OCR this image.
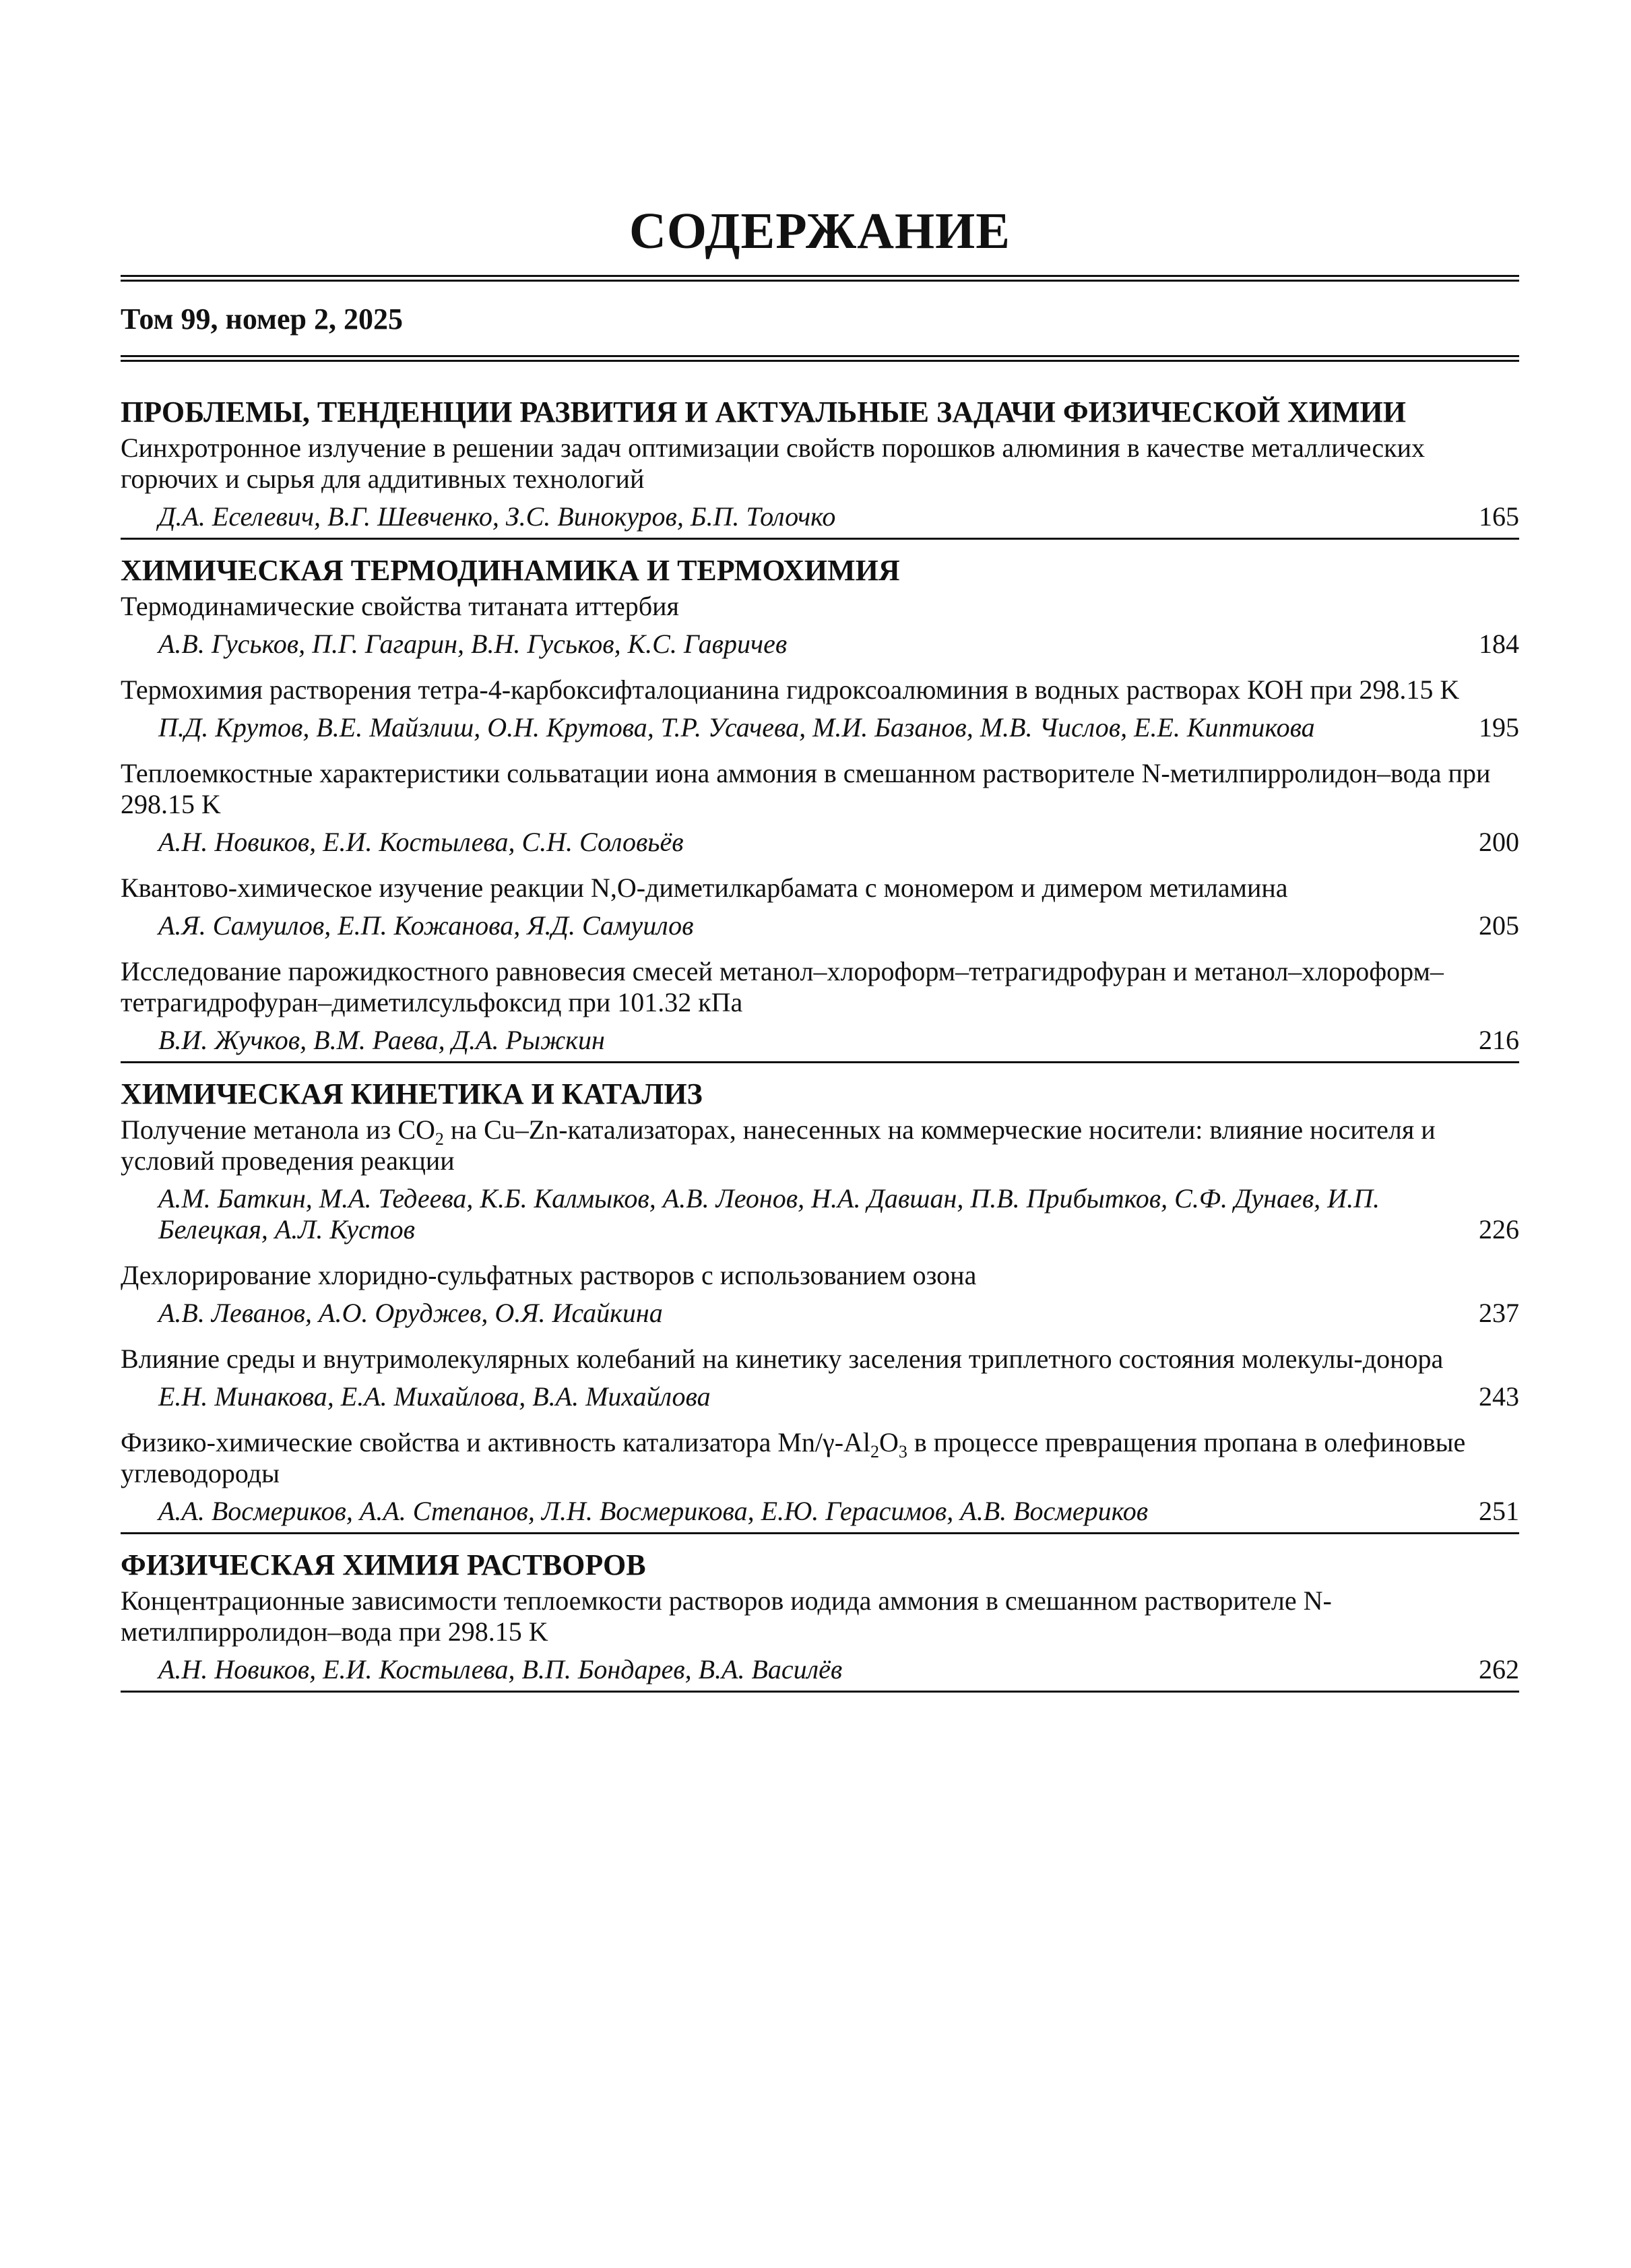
СОДЕРЖАНИЕ
Том 99, номер 2, 2025
ПРОБЛЕМЫ, ТЕНДЕНЦИИ РАЗВИТИЯ И АКТУАЛЬНЫЕ ЗАДАЧИ ФИЗИЧЕСКОЙ ХИМИИ
Синхротронное излучение в решении задач оптимизации свойств порошков алюминия в качестве металлических горючих и сырья для аддитивных технологий
Д.А. Еселевич, В.Г. Шевченко, З.С. Винокуров, Б.П. Толочко	165
ХИМИЧЕСКАЯ ТЕРМОДИНАМИКА И ТЕРМОХИМИЯ
Термодинамические свойства титаната иттербия
А.В. Гуськов, П.Г. Гагарин, В.Н. Гуськов, К.С. Гавричев	184
Термохимия растворения тетра-4-карбоксифталоцианина гидроксоалюминия в водных растворах КОН при 298.15 K
П.Д. Крутов, В.Е. Майзлиш, О.Н. Крутова, Т.Р. Усачева, М.И. Базанов, М.В. Числов, Е.Е. Киптикова	195
Теплоемкостные характеристики сольватации иона аммония в смешанном растворителе N-метилпирролидон–вода при 298.15 K
А.Н. Новиков, Е.И. Костылева, С.Н. Соловьёв	200
Квантово-химическое изучение реакции N,O-диметилкарбамата с мономером и димером метиламина
А.Я. Самуилов, Е.П. Кожанова, Я.Д. Самуилов	205
Исследование парожидкостного равновесия смесей метанол–хлороформ–тетрагидрофуран и метанол–хлороформ–тетрагидрофуран–диметилсульфоксид при 101.32 кПа
В.И. Жучков, В.М. Раева, Д.А. Рыжкин	216
ХИМИЧЕСКАЯ КИНЕТИКА И КАТАЛИЗ
Получение метанола из $CO_2$ на Cu–Zn-катализаторах, нанесенных на коммерческие носители: влияние носителя и условий проведения реакции
А.М. Баткин, М.А. Тедеева, К.Б. Калмыков, А.В. Леонов, Н.А. Давшан, П.В. Прибытков, С.Ф. Дунаев, И.П. Белецкая, А.Л. Кустов	226
Дехлорирование хлоридно-сульфатных растворов с использованием озона
А.В. Леванов, А.О. Оруджев, О.Я. Исайкина	237
Влияние среды и внутримолекулярных колебаний на кинетику заселения триплетного состояния молекулы-донора
Е.Н. Минакова, Е.А. Михайлова, В.А. Михайлова	243
Физико-химические свойства и активность катализатора $Mn/\gamma-Al_2O_3$ в процессе превращения пропана в олефиновые углеводороды
А.А. Восмериков, А.А. Степанов, Л.Н. Восмерикова, Е.Ю. Герасимов, А.В. Восмериков	251
ФИЗИЧЕСКАЯ ХИМИЯ РАСТВОРОВ
Концентрационные зависимости теплоемкости растворов иодида аммония в смешанном растворителе N-метилпирролидон–вода при 298.15 K
А.Н. Новиков, Е.И. Костылева, В.П. Бондарев, В.А. Василёв	262
